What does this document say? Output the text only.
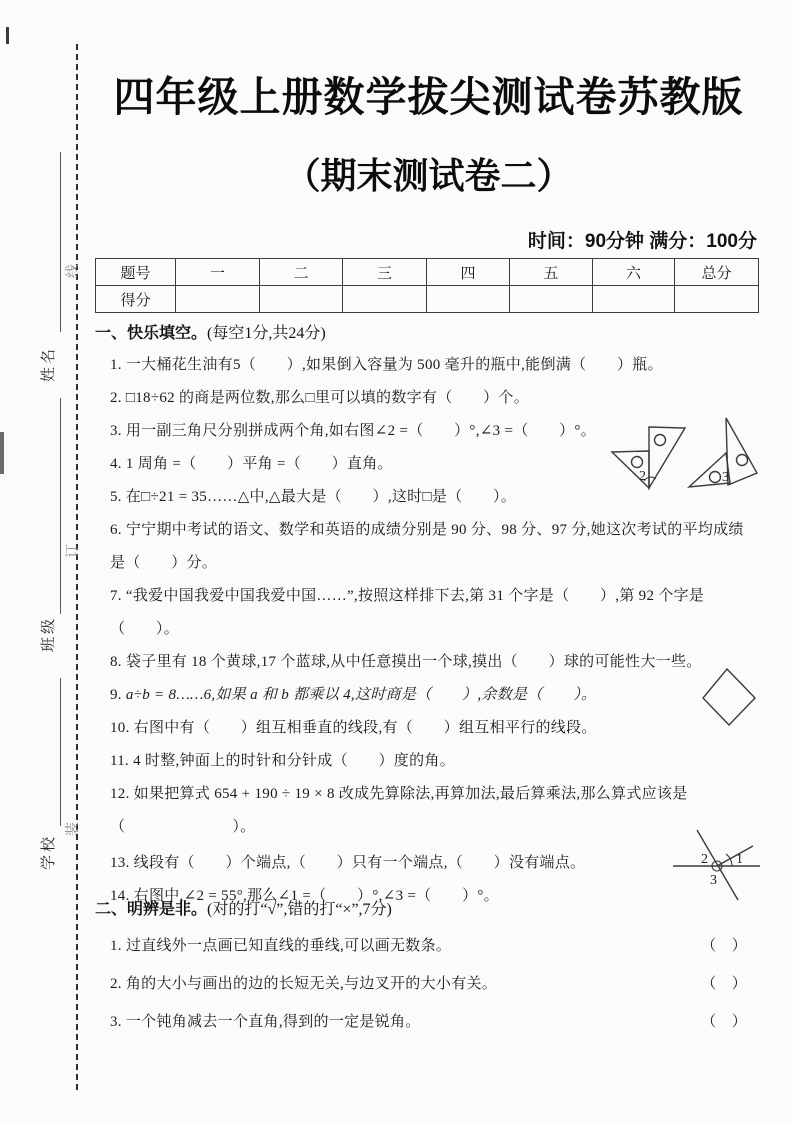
线
订
装
姓名
班级
学校
四年级上册数学拔尖测试卷苏教版
（期末测试卷二）
时间：90分钟 满分：100分
题号	一	二	三	四	五	六	总分
得分							
一、快乐填空。(每空1分,共24分)
1. 一大桶花生油有5（　　）,如果倒入容量为 500 毫升的瓶中,能倒满（　　）瓶。
2. □18÷62 的商是两位数,那么□里可以填的数字有（　　）个。
3. 用一副三角尺分别拼成两个角,如右图∠2 =（　　）°,∠3 =（　　）°。
4. 1 周角 =（　　）平角 =（　　）直角。
5. 在□÷21 = 35……△中,△最大是（　　）,这时□是（　　）。
6. 宁宁期中考试的语文、数学和英语的成绩分别是 90 分、98 分、97 分,她这次考试的平均成绩是（　　）分。
7. “我爱中国我爱中国我爱中国……”,按照这样排下去,第 31 个字是（　　）,第 92 个字是（　　）。
8. 袋子里有 18 个黄球,17 个蓝球,从中任意摸出一个球,摸出（　　）球的可能性大一些。
9. a÷b = 8……6,如果 a 和 b 都乘以 4,这时商是（　　）,余数是（　　）。
10. 右图中有（　　）组互相垂直的线段,有（　　）组互相平行的线段。
11. 4 时整,钟面上的时针和分针成（　　）度的角。
12. 如果把算式 654 + 190 ÷ 19 × 8 改成先算除法,再算加法,最后算乘法,那么算式应该是（　　　　　　　）。
13. 线段有（　　）个端点,（　　）只有一个端点,（　　）没有端点。
14. 右图中,∠2 = 55°,那么∠1 =（　　）°,∠3 =（　　）°。
二、明辨是非。(对的打“√”,错的打“×”,7分)
1. 过直线外一点画已知直线的垂线,可以画无数条。	（　）
2. 角的大小与画出的边的长短无关,与边叉开的大小有关。	（　）
3. 一个钝角减去一个直角,得到的一定是锐角。	（　）
2	3
2 1
3
